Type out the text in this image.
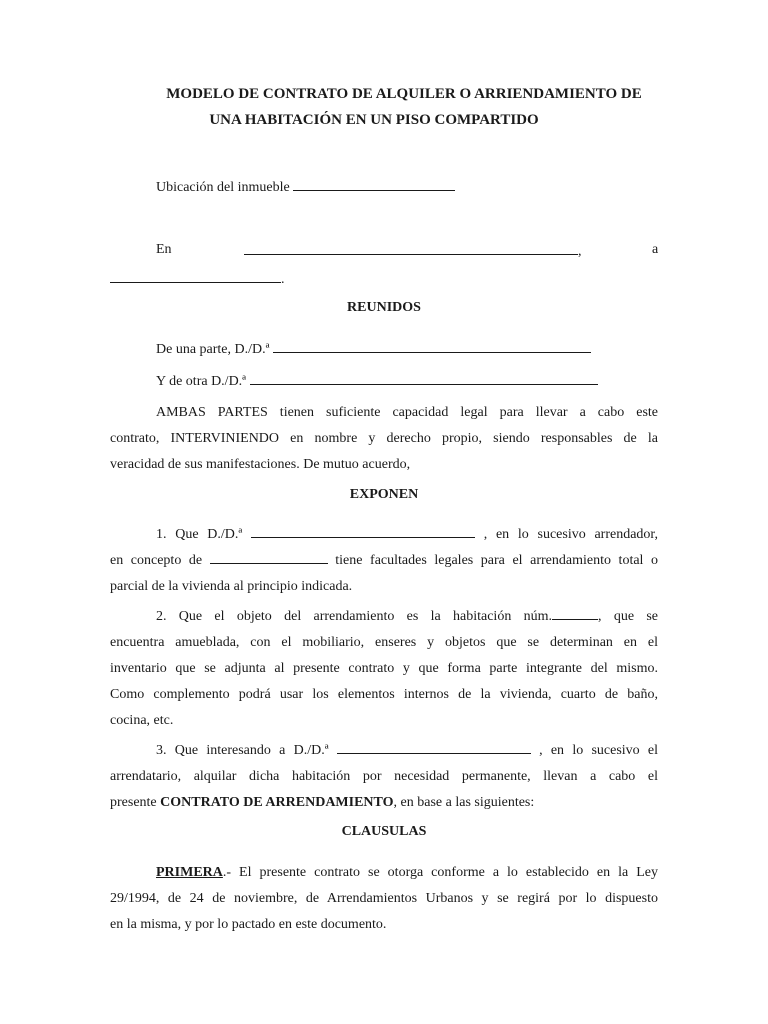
MODELO DE CONTRATO DE ALQUILER O ARRIENDAMIENTO DE
UNA HABITACIÓN EN UN PISO COMPARTIDO
Ubicación del inmueble
En	,	a
.
REUNIDOS
De una parte, D./D.ª
Y de otra D./D.ª
AMBAS PARTES tienen suficiente capacidad legal para llevar a cabo este
contrato, INTERVINIENDO en nombre y derecho propio, siendo responsables de la
veracidad de sus manifestaciones. De mutuo acuerdo,
EXPONEN
1. Que D./D.ª	, en lo sucesivo arrendador,
en concepto de	tiene facultades legales para el arrendamiento total o
parcial de la vivienda al principio indicada.
2. Que el objeto del arrendamiento es la habitación núm.	, que se
encuentra amueblada, con el mobiliario, enseres y objetos que se determinan en el
inventario que se adjunta al presente contrato y que forma parte integrante del mismo.
Como complemento podrá usar los elementos internos de la vivienda, cuarto de baño,
cocina, etc.
3. Que interesando a D./D.ª	, en lo sucesivo el
arrendatario, alquilar dicha habitación por necesidad permanente, llevan a cabo el
presente CONTRATO DE ARRENDAMIENTO, en base a las siguientes:
CLAUSULAS
PRIMERA.- El presente contrato se otorga conforme a lo establecido en la Ley
29/1994, de 24 de noviembre, de Arrendamientos Urbanos y se regirá por lo dispuesto
en la misma, y por lo pactado en este documento.
